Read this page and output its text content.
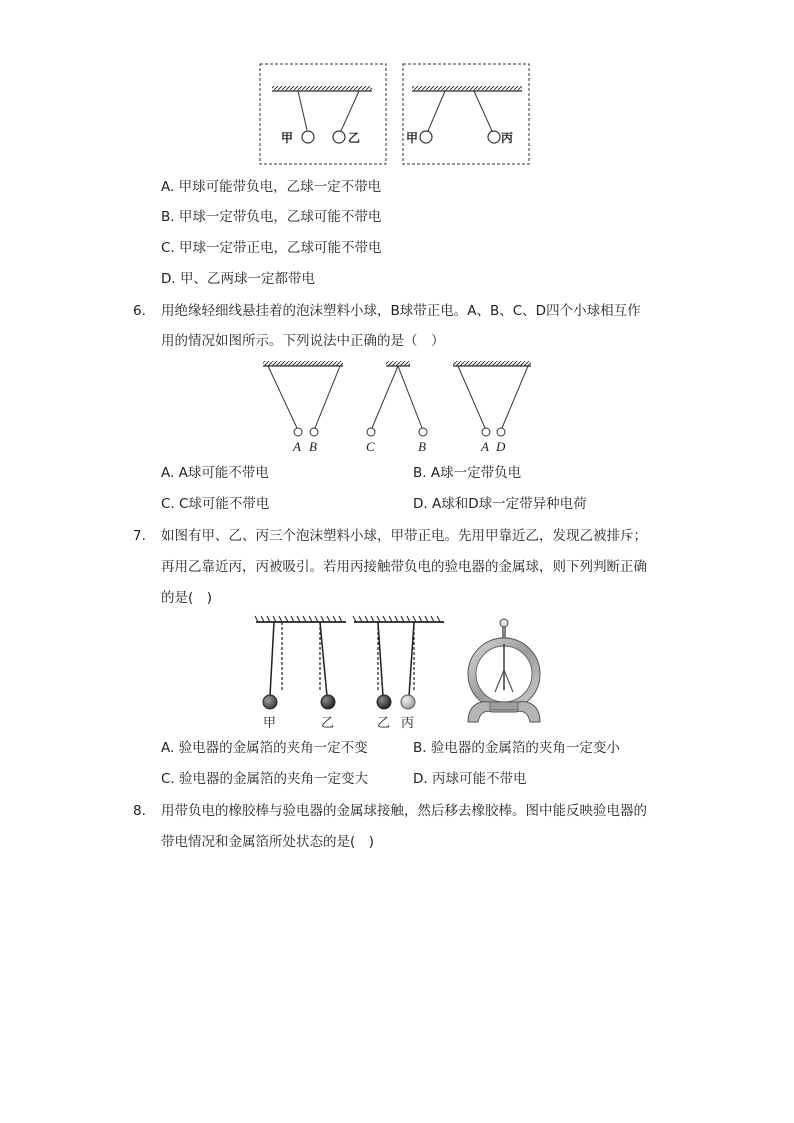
甲	乙	甲	丙
A. 甲球可能带负电，乙球一定不带电
B. 甲球一定带负电，乙球可能不带电
C. 甲球一定带正电，乙球可能不带电
D. 甲、乙两球一定都带电
6. 用绝缘轻细线悬挂着的泡沫塑料小球，B球带正电。A、B、C、D四个小球相互作
用的情况如图所示。下列说法中正确的是（　）
A B	C	B	A D
A. A球可能不带电	B. A球一定带负电
C. C球可能不带电	D. A球和D球一定带异种电荷
7. 如图有甲、乙、丙三个泡沫塑料小球，甲带正电。先用甲靠近乙，发现乙被排斥；
再用乙靠近丙，丙被吸引。若用丙接触带负电的验电器的金属球，则下列判断正确
的是(　)
甲	乙	乙 丙
A. 验电器的金属箔的夹角一定不变	B. 验电器的金属箔的夹角一定变小
C. 验电器的金属箔的夹角一定变大	D. 丙球可能不带电
8. 用带负电的橡胶棒与验电器的金属球接触，然后移去橡胶棒。图中能反映验电器的
带电情况和金属箔所处状态的是(　)
